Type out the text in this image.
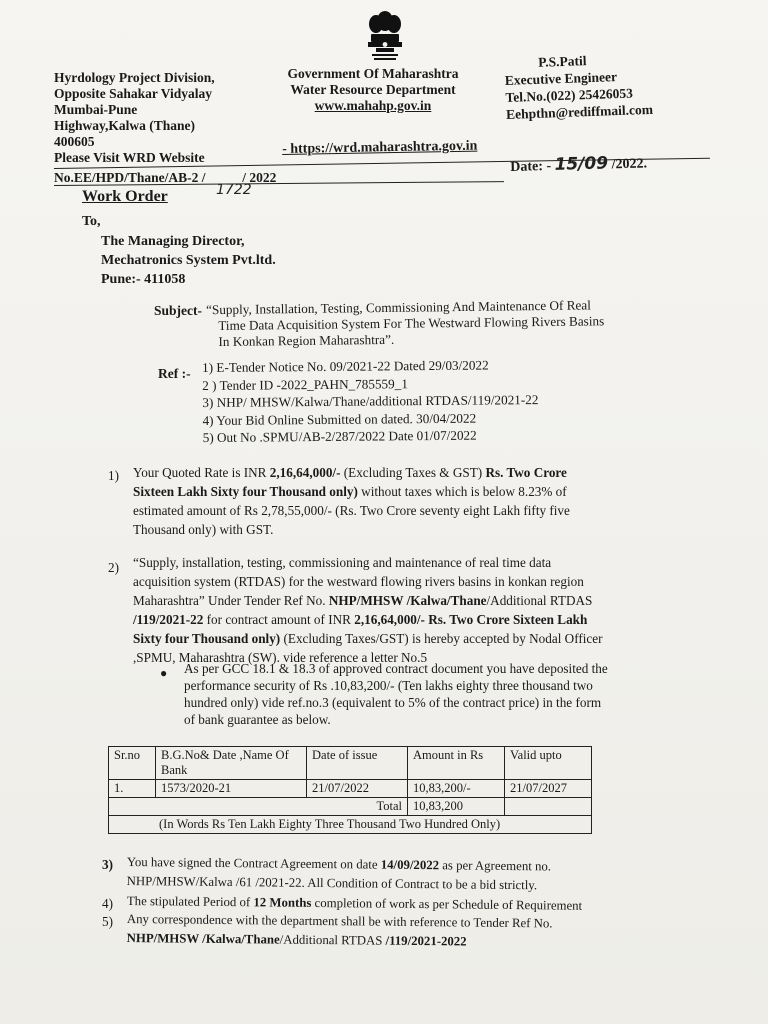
Hyrdology Project Division,
Opposite Sahakar Vidyalay
Mumbai-Pune
Highway,Kalwa (Thane)
400605
Please Visit WRD Website
Government Of Maharashtra
Water Resource Department
www.mahahp.gov.in
P.S.Patil
Executive Engineer
Tel.No.(022) 25426053
Eehpthn@rediffmail.com
- https://wrd.maharashtra.gov.in
No.EE/HPD/Thane/AB-2 /	/ 2022
Date: - 15/09 /2022.
Work Order	1722
To,
The Managing Director,
Mechatronics System Pvt.ltd.
Pune:- 411058
Subject- “Supply, Installation, Testing, Commissioning And Maintenance Of Real
Time Data Acquisition System For The Westward Flowing Rivers Basins
In Konkan Region Maharashtra”.
Ref :- 1) E-Tender Notice No. 09/2021-22 Dated 29/03/2022
2 ) Tender ID -2022_PAHN_785559_1
3) NHP/ MHSW/Kalwa/Thane/additional RTDAS/119/2021-22
4) Your Bid Online Submitted on dated. 30/04/2022
5) Out No .SPMU/AB-2/287/2022 Date 01/07/2022
1) Your Quoted Rate is INR 2,16,64,000/- (Excluding Taxes & GST) Rs. Two Crore
Sixteen Lakh Sixty four Thousand only) without taxes which is below 8.23% of
estimated amount of Rs 2,78,55,000/- (Rs. Two Crore seventy eight Lakh fifty five
Thousand only) with GST.
2) “Supply, installation, testing, commissioning and maintenance of real time data
acquisition system (RTDAS) for the westward flowing rivers basins in konkan region
Maharashtra” Under Tender Ref No. NHP/MHSW /Kalwa/Thane/Additional RTDAS
/119/2021-22 for contract amount of INR 2,16,64,000/- Rs. Two Crore Sixteen Lakh
Sixty four Thousand only) (Excluding Taxes/GST) is hereby accepted by Nodal Officer
,SPMU, Maharashtra (SW). vide reference a letter No.5
● As per GCC 18.1 & 18.3 of approved contract document you have deposited the
performance security of Rs .10,83,200/- (Ten lakhs eighty three thousand two
hundred only) vide ref.no.3 (equivalent to 5% of the contract price) in the form
of bank guarantee as below.
Sr.no	B.G.No& Date ,Name Of Bank	Date of issue	Amount in Rs	Valid upto
1.	1573/2020-21	21/07/2022	10,83,200/-	21/07/2027
Total			10,83,200	
(In Words Rs Ten Lakh Eighty Three Thousand Two Hundred Only)				
3) You have signed the Contract Agreement on date 14/09/2022 as per Agreement no.
NHP/MHSW/Kalwa /61 /2021-22. All Condition of Contract to be a bid strictly.
4) The stipulated Period of 12 Months completion of work as per Schedule of Requirement
5) Any correspondence with the department shall be with reference to Tender Ref No.
NHP/MHSW /Kalwa/Thane/Additional RTDAS /119/2021-2022
